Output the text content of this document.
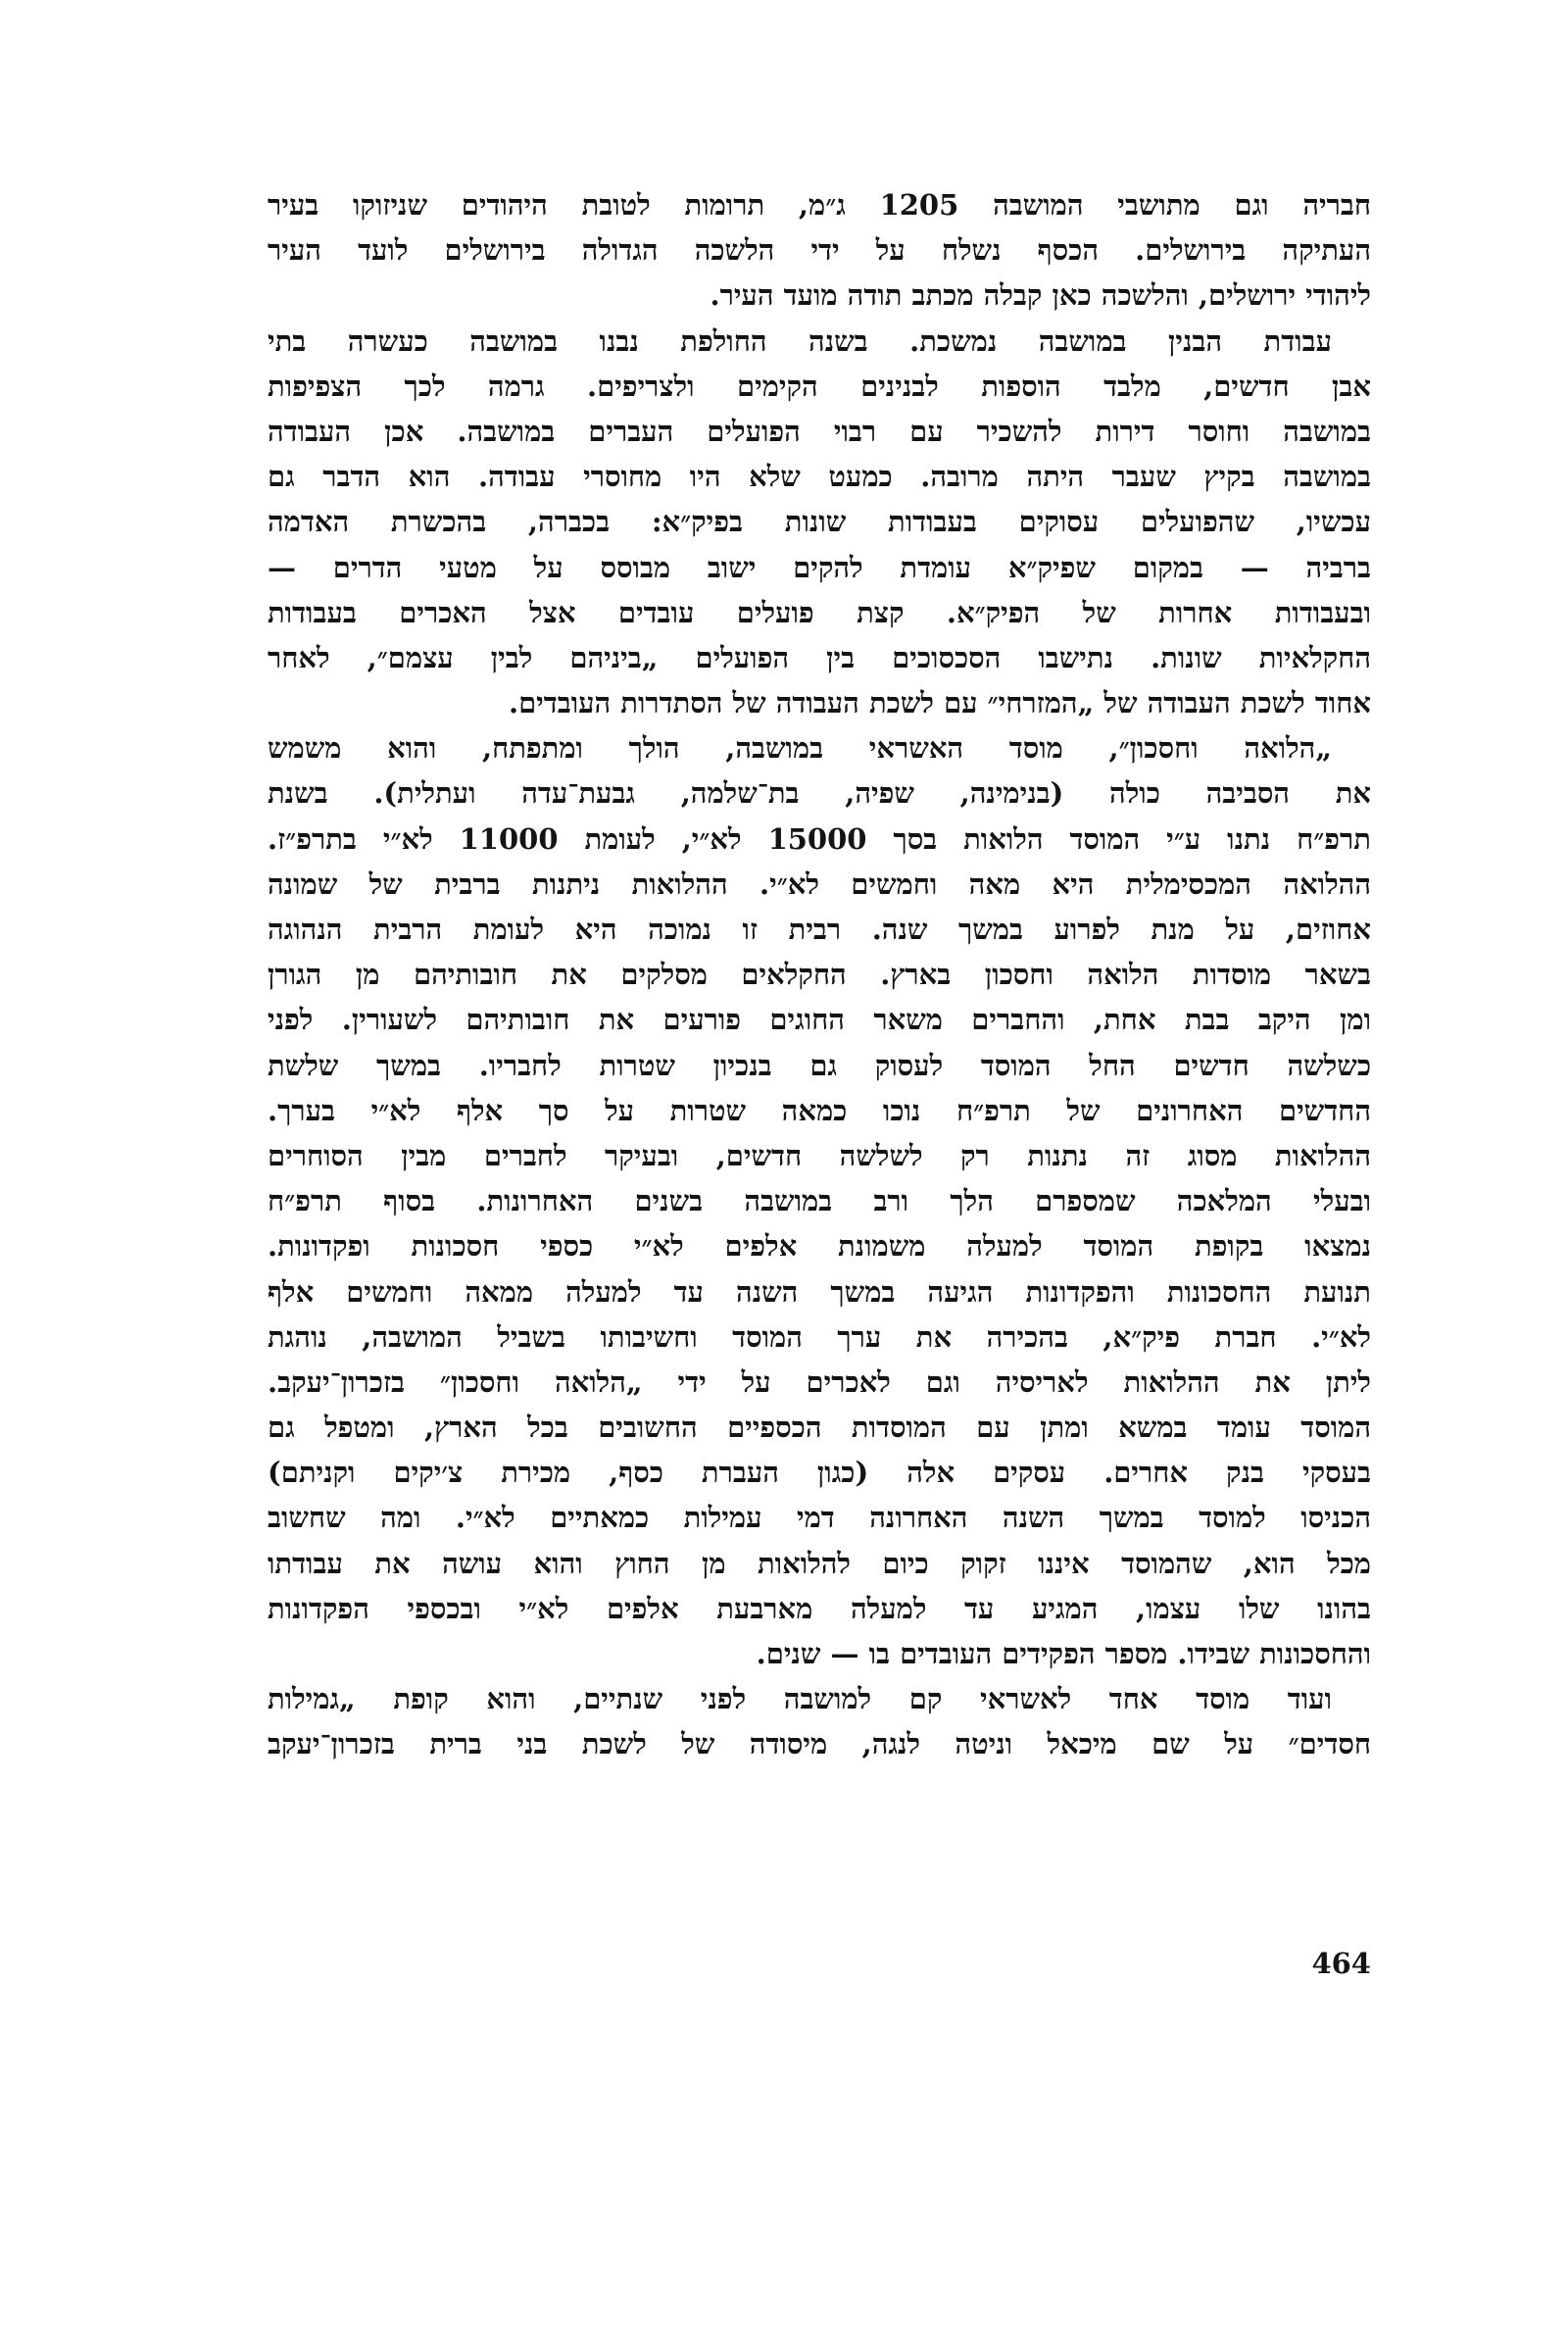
חבריה וגם מתושבי המושבה 1205 ג״מ, תרומות לטובת היהודים שניזוקו בעיר
העתיקה בירושלים. הכסף נשלח על ידי הלשכה הגדולה בירושלים לועד העיר
ליהודי ירושלים, והלשכה כאן קבלה מכתב תודה מועד העיר.
עבודת הבנין במושבה נמשכת. בשנה החולפת נבנו במושבה כעשרה בתי
אבן חדשים, מלבד הוספות לבנינים הקימים ולצריפים. גרמה לכך הצפיפות
במושבה וחוסר דירות להשכיר עם רבוי הפועלים העברים במושבה. אכן העבודה
במושבה בקיץ שעבר היתה מרובה. כמעט שלא היו מחוסרי עבודה. הוא הדבר גם
עכשיו, שהפועלים עסוקים בעבודות שונות בפיק״א: בכברה, בהכשרת האדמה
ברביה — במקום שפיק״א עומדת להקים ישוב מבוסס על מטעי הדרים —
ובעבודות אחרות של הפיק״א. קצת פועלים עובדים אצל האכרים בעבודות
החקלאיות שונות. נתישבו הסכסוכים בין הפועלים „ביניהם לבין עצמם״, לאחר
אחוד לשכת העבודה של „המזרחי״ עם לשכת העבודה של הסתדרות העובדים.
„הלואה וחסכון״, מוסד האשראי במושבה, הולך ומתפתח, והוא משמש
את הסביבה כולה (בנימינה, שפיה, בת־שלמה, גבעת־עדה ועתלית). בשנת
תרפ״ח נתנו ע״י המוסד הלואות בסך 15000 לא״י, לעומת 11000 לא״י בתרפ״ז.
ההלואה המכסימלית היא מאה וחמשים לא״י. ההלואות ניתנות ברבית של שמונה
אחוזים, על מנת לפרוע במשך שנה. רבית זו נמוכה היא לעומת הרבית הנהוגה
בשאר מוסדות הלואה וחסכון בארץ. החקלאים מסלקים את חובותיהם מן הגורן
ומן היקב בבת אחת, והחברים משאר החוגים פורעים את חובותיהם לשעורין. לפני
כשלשה חדשים החל המוסד לעסוק גם בנכיון שטרות לחבריו. במשך שלשת
החדשים האחרונים של תרפ״ח נוכו כמאה שטרות על סך אלף לא״י בערך.
ההלואות מסוג זה נתנות רק לשלשה חדשים, ובעיקר לחברים מבין הסוחרים
ובעלי המלאכה שמספרם הלך ורב במושבה בשנים האחרונות. בסוף תרפ״ח
נמצאו בקופת המוסד למעלה משמונת אלפים לא״י כספי חסכונות ופקדונות.
תנועת החסכונות והפקדונות הגיעה במשך השנה עד למעלה ממאה וחמשים אלף
לא״י. חברת פיק״א, בהכירה את ערך המוסד וחשיבותו בשביל המושבה, נוהגת
ליתן את ההלואות לאריסיה וגם לאכרים על ידי „הלואה וחסכון״ בזכרון־יעקב.
המוסד עומד במשא ומתן עם המוסדות הכספיים החשובים בכל הארץ, ומטפל גם
בעסקי בנק אחרים. עסקים אלה (כגון העברת כסף, מכירת צ׳יקים וקניתם)
הכניסו למוסד במשך השנה האחרונה דמי עמילות כמאתיים לא״י. ומה שחשוב
מכל הוא, שהמוסד איננו זקוק כיום להלואות מן החוץ והוא עושה את עבודתו
בהונו שלו עצמו, המגיע עד למעלה מארבעת אלפים לא״י ובכספי הפקדונות
והחסכונות שבידו. מספר הפקידים העובדים בו — שנים.
ועוד מוסד אחד לאשראי קם למושבה לפני שנתיים, והוא קופת „גמילות
חסדים״ על שם מיכאל וניטה לנגה, מיסודה של לשכת בני ברית בזכרון־יעקב
464
